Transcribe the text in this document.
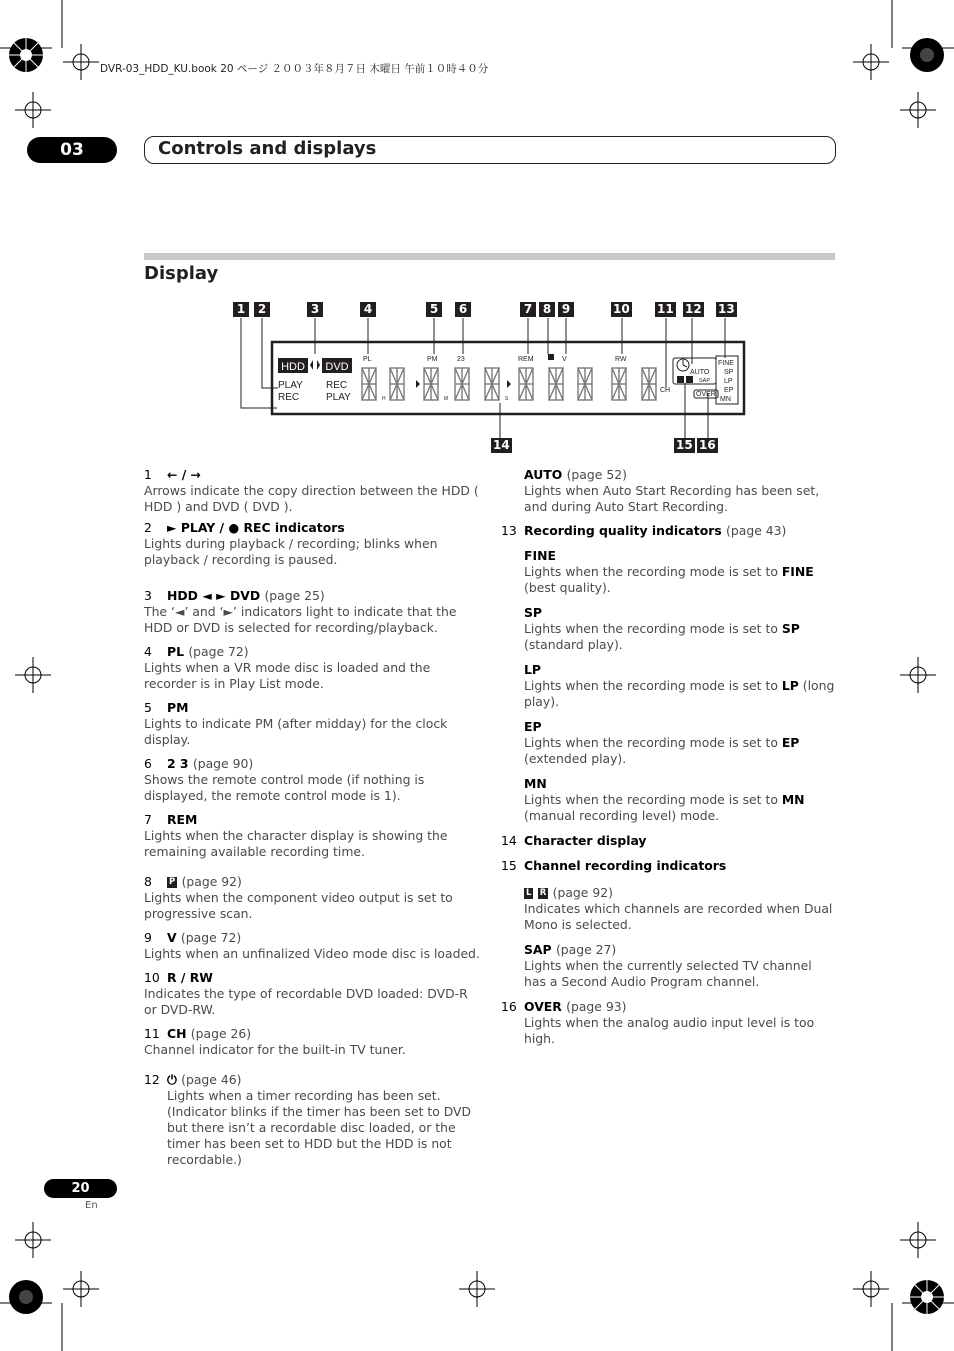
DVR-03_HDD_KU.book 20 ページ ２００３年８月７日 木曜日 午前１０時４０分
03	Controls and displays
Display
1	2	3	4	5	6	7 8 9	10 11 12 13
14	15 16
HDD DVD
PLAY REC
REC	PLAY
PL	PM	23	REM	V	RW
CH
AUTO
SAP
OVER
FINE
SP
LP
EP
MN
H	M	S
1 ← / →
Arrows indicate the copy direction between the HDD ( HDD ) and DVD ( DVD ).
2 ► PLAY / ● REC indicators
Lights during playback / recording; blinks when playback / recording is paused.
3 HDD ◄ ► DVD (page 25)
The ‘◄’ and ‘►’ indicators light to indicate that the HDD or DVD is selected for recording/playback.
4 PL (page 72)
Lights when a VR mode disc is loaded and the recorder is in Play List mode.
5 PM
Lights to indicate PM (after midday) for the clock display.
6 2 3 (page 90)
Shows the remote control mode (if nothing is displayed, the remote control mode is 1).
7 REM
Lights when the character display is showing the remaining available recording time.
8 P (page 92)
Lights when the component video output is set to progressive scan.
9 V (page 72)
Lights when an unfinalized Video mode disc is loaded.
10 R / RW
Indicates the type of recordable DVD loaded: DVD-R or DVD-RW.
11 CH (page 26)
Channel indicator for the built-in TV tuner.
12 ⏻ (page 46)
Lights when a timer recording has been set. (Indicator blinks if the timer has been set to DVD but there isn’t a recordable disc loaded, or the timer has been set to HDD but the HDD is not recordable.)
AUTO (page 52)
Lights when Auto Start Recording has been set, and during Auto Start Recording.
13 Recording quality indicators (page 43)
FINE
Lights when the recording mode is set to FINE (best quality).
SP
Lights when the recording mode is set to SP (standard play).
LP
Lights when the recording mode is set to LP (long play).
EP
Lights when the recording mode is set to EP (extended play).
MN
Lights when the recording mode is set to MN (manual recording level) mode.
14 Character display
15 Channel recording indicators
L R (page 92)
Indicates which channels are recorded when Dual Mono is selected.
SAP (page 27)
Lights when the currently selected TV channel has a Second Audio Program channel.
16 OVER (page 93)
Lights when the analog audio input level is too high.
20
En
